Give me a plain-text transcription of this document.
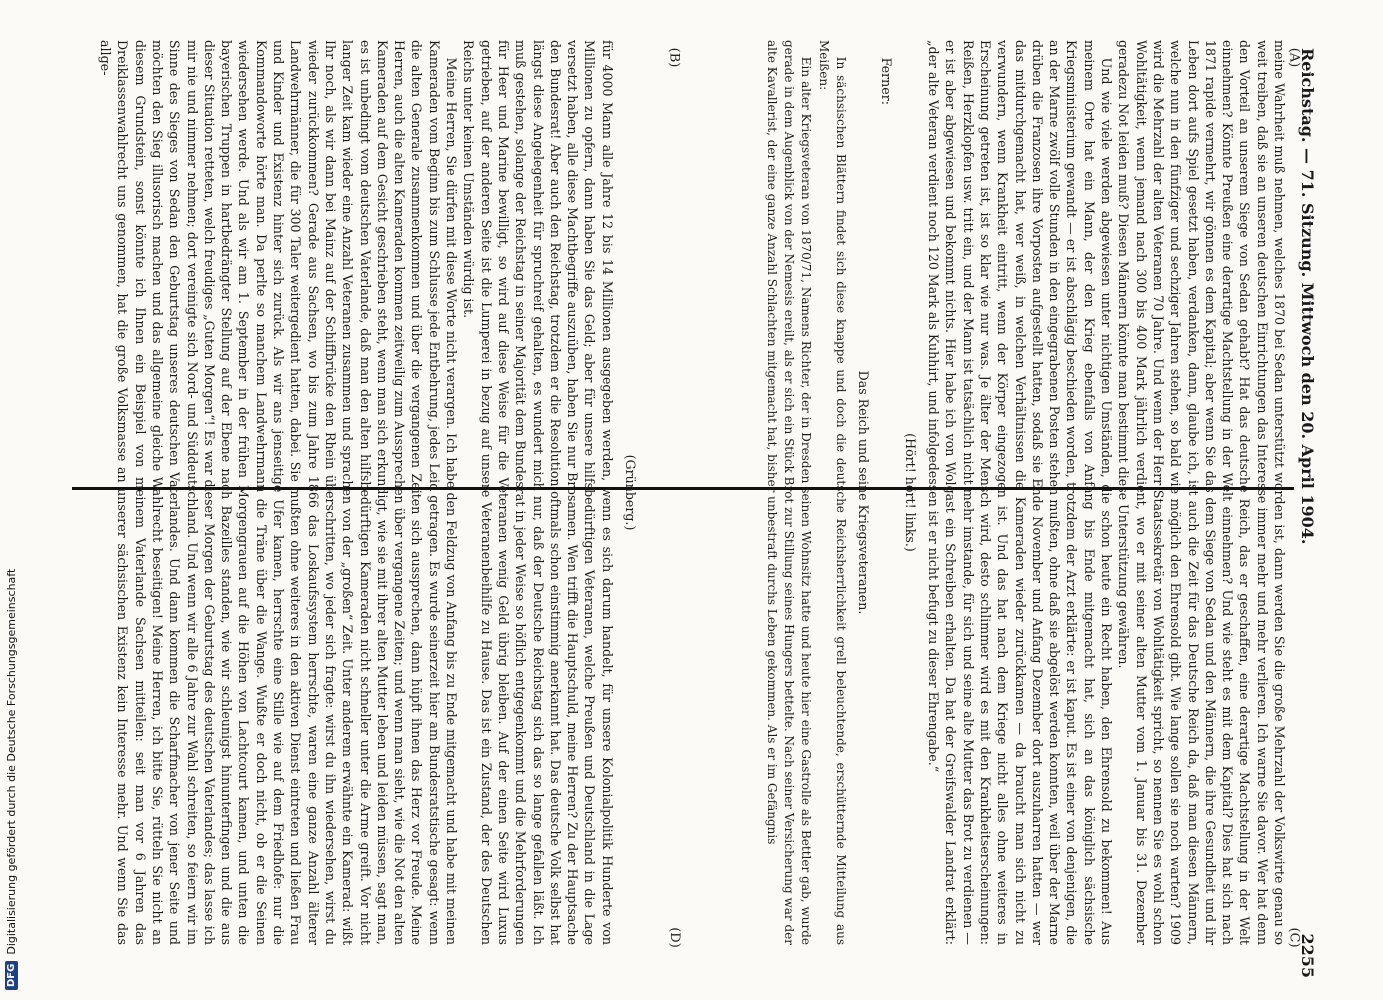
Reichstag. — 71. Sitzung. Mittwoch den 20. April 1904.
2255
(C)
(D)
(B)	(A)

meine Wahrheit muß nehmen, welches 1870 bei Sedan unterstützt worden ist, dann werden Sie die große Mehrzahl der Volkswirte genau so weit treiben, daß sie an unseren deutschen Einrichtungen das Interesse immer mehr und mehr verlieren. Ich warne Sie davor. Wer hat denn den Vorteil an unserem Siege von Sedan gehabt? Hat das deutsche Reich, das er geschaffen, eine derartige Machtstellung in der Welt einnehmen? Könnte Preußen eine derartige Machtstellung in der Welt einnehmen? Und wie steht es mit dem Kapital? Dies hat sich nach 1871 rapide vermehrt, wir gönnen es dem Kapital; aber wenn Sie das dem Siege von Sedan und den Männern, die ihre Gesundheit und ihr Leben dort aufs Spiel gesetzt haben, verdanken, dann, glaube ich, ist auch die Zeit für das Deutsche Reich da, daß man diesen Männern, welche nun in den fünfziger und sechziger Jahren stehen, so bald wie möglich den Ehrensold gibt. Wie lange sollen sie noch warten? 1909 wird die Mehrzahl der alten Veteranen 70 Jahre. Und wenn der Herr Staatssekretär von Wohltätigkeit spricht, so nennen Sie es wohl schon Wohltätigkeit, wenn jemand nach 300 bis 400 Mark jährlich verdient, wo er mit seiner alten Mutter vom 1. Januar bis 31. Dezember geradezu Not leiden muß? Diesen Männern könnte man bestimmt diese Unterstützung gewähren.

Und wie viele werden abgewiesen unter nichtigen Umständen, die schon heute ein Recht haben, den Ehrensold zu bekommen! Aus meinem Orte hat ein Mann, der den Krieg ebenfalls von Anfang bis Ende mitgemacht hat, sich an das königlich sächsische Kriegsministerium gewandt — er ist abschlägig beschieden worden, trotzdem der Arzt erklärte: er ist kaput. Es ist einer von denjenigen, die an der Marne zwölf volle Stunden in den eingegrabenen Posten stehen mußten, ohne daß sie abgelöst werden konnten, weil über der Marne drüben die Franzosen ihre Vorposten aufgestellt hatten, sodaß sie Ende November und Anfang Dezember dort auszuharren hatten — wer das mitdurchgemacht hat, wer weiß, in welchen Verhältnissen die Kameraden wieder zurückkamen — da braucht man sich nicht zu verwundern, wenn Krankheit eintritt, wenn der Körper eingezogen ist. Und das hat nach dem Kriege nicht alles ohne weiteres in Erscheinung getreten ist, ist so klar wie nur was. Je älter der Mensch wird, desto schlimmer wird es mit den Krankheitserscheinungen: Reißen, Herzklopfen usw. tritt ein, und der Mann ist tatsächlich nicht mehr imstande, für sich und seine alte Mutter das Brot zu verdienen — er ist aber abgewiesen und bekommt nichts. Hier habe ich von Wolgast ein Schreiben erhalten. Da hat der Greifswalder Landrat erklärt: „der alte Veteran verdient noch 120 Mark als Kuhhirt, und infolgedessen ist er nicht befugt zu dieser Ehrengabe.“

(Hört! hört! links.)

Ferner:

Das Reich und seine Kriegsveteranen.

In sächsischen Blättern findet sich diese knappe und doch die deutsche Reichsherrlichkeit grell beleuchtende, erschütternde Mitteilung aus Meißen:

Ein alter Kriegsveteran von 1870/71, Namens Richter, der in Dresden seinen Wohnsitz hatte und heute hier eine Gastrolle als Bettler gab, wurde gerade in dem Augenblick von der Nemesis ereilt, als er sich ein Stück Brot zur Stillung seines Hungers bettelte. Nach seiner Versicherung war der alte Kavallerist, der eine ganze Anzahl Schlachten mitgemacht hat, bisher unbestraft durchs Leben gekommen. Als er im Gefängnis

(Grünberg.)

für 4000 Mann alle Jahre 12 bis 14 Millionen ausgegeben werden, wenn es sich darum handelt, für unsere Kolonialpolitik Hunderte von Millionen zu opfern, dann haben Sie das Geld; aber für unsere hilfsbedürftigen Veteranen, welche Preußen und Deutschland in die Lage versetzt haben, alle diese Machtbegriffe auszuüben, haben Sie nur Brosamen. Wen trifft die Hauptschuld, meine Herren? Zu der Hauptsache den Bundesrat! Aber auch den Reichstag, trotzdem er die Resolution oftmals schon einstimmig anerkannt hat. Das deutsche Volk selbst hat längst diese Angelegenheit für spruchreif gehalten, es wundert mich nur, daß der Deutsche Reichstag sich das so lange gefallen läßt. Ich muß gestehen, solange der Reichstag in seiner Majorität dem Bundesrat in jeder Weise so höflich entgegenkommt und die Mehrforderungen für Heer und Marine bewilligt, so wird auf diese Weise für die Veteranen wenig Geld übrig bleiben. Auf der einen Seite wird Luxus getrieben, auf der anderen Seite ist die Lumperei in bezug auf unsere Veteranenbeihilfe zu Hause. Das ist ein Zustand, der des Deutschen Reichs unter keinen Umständen würdig ist.

Meine Herren, Sie dürfen mit diese Worte nicht verargen. Ich habe den Feldzug von Anfang bis zu Ende mitgemacht und habe mit meinen Kameraden vom Beginn bis zum Schlusse jede Entbehrung, jedes Leid getragen. Es wurde seinerzeit hier am Bundesratstische gesagt: wenn die alten Generale zusammenkommen und über die vergangenen Zeiten sich aussprechen, dann hüpft ihnen das Herz vor Freude. Meine Herren, auch die alten Kameraden kommen zeitweilig zum Aussprechen über vergangene Zeiten; und wenn man sieht, wie die Not den alten Kameraden auf dem Gesicht geschrieben steht, wenn man sich erkundigt, wie sie mit ihrer alten Mutter leben und leiden müssen, sagt man, es ist unbedingt vom deutschen Vaterlande, daß man den alten hilfsbedürftigen Kameraden nicht schneller unter die Arme greift. Vor nicht langer Zeit kam wieder eine Anzahl Veteranen zusammen und sprachen von der „großen“ Zeit. Unter anderem erwähnte ein Kamerad: wißt Ihr noch, als wir dann bei Mainz auf der Schiffbrücke den Rhein überschritten, wo jeder sich fragte: wirst du ihn wiedersehen, wirst du wieder zurückkommen? Gerade aus Sachsen, wo bis zum Jahre 1866 das Loskaufssystem herrschte, waren eine ganze Anzahl älterer Landwehrmänner, die für 300 Taler weitergedient hatten, dabei. Sie mußten ohne weiteres in den aktiven Dienst eintreten und ließen Frau und Kinder und Existenz hinter sich zurück. Als wir ans jenseitige Ufer kamen, herrschte eine Stille wie auf dem Friedhofe: nur die Kommandoworte hörte man. Da perlte so manchem Landwehrmann die Träne über die Wange. Wußte er doch nicht, ob er die Seinen wiedersehen werde. Und als wir am 1. September in der frühen Morgengrauen auf die Höhen von Lachtcourt kamen, und unten die bayerischen Truppen in hartbedrängter Stellung auf der Ebene nach Bazeilles standen, wie wir schleunigst hinunterfingen und die aus dieser Situation retteten, welch freudiges „Guten Morgen“! Es war dieser Morgen der Geburtstag des deutschen Vaterlandes; das lasse ich mir nie und nimmer nehmen; dort vereinigte sich Nord- und Süddeutschland. Und wenn wir alle 6 Jahre zur Wahl schreiten, so feiern wir im Sinne des Sieges von Sedan den Geburtstag unseres deutschen Vaterlandes. Und dann kommen die Scharfmacher von jener Seite und möchten den Sieg illusorisch machen und das allgemeine gleiche Wahlrecht beseitigen! Meine Herren, ich bitte Sie, rütteln Sie nicht an diesem Grundstein, sonst könnte ich Ihnen ein Beispiel von meinem Vaterlande Sachsen mitteilen: seit man vor 6 Jahren das Dreiklassenwahlrecht uns genommen, hat die große Volksmasse an unserer sächsischen Existenz kein Interesse mehr. Und wenn Sie das allge-

DFG
Digitalisierung gefördert durch die Deutsche Forschungsgemeinschaft
